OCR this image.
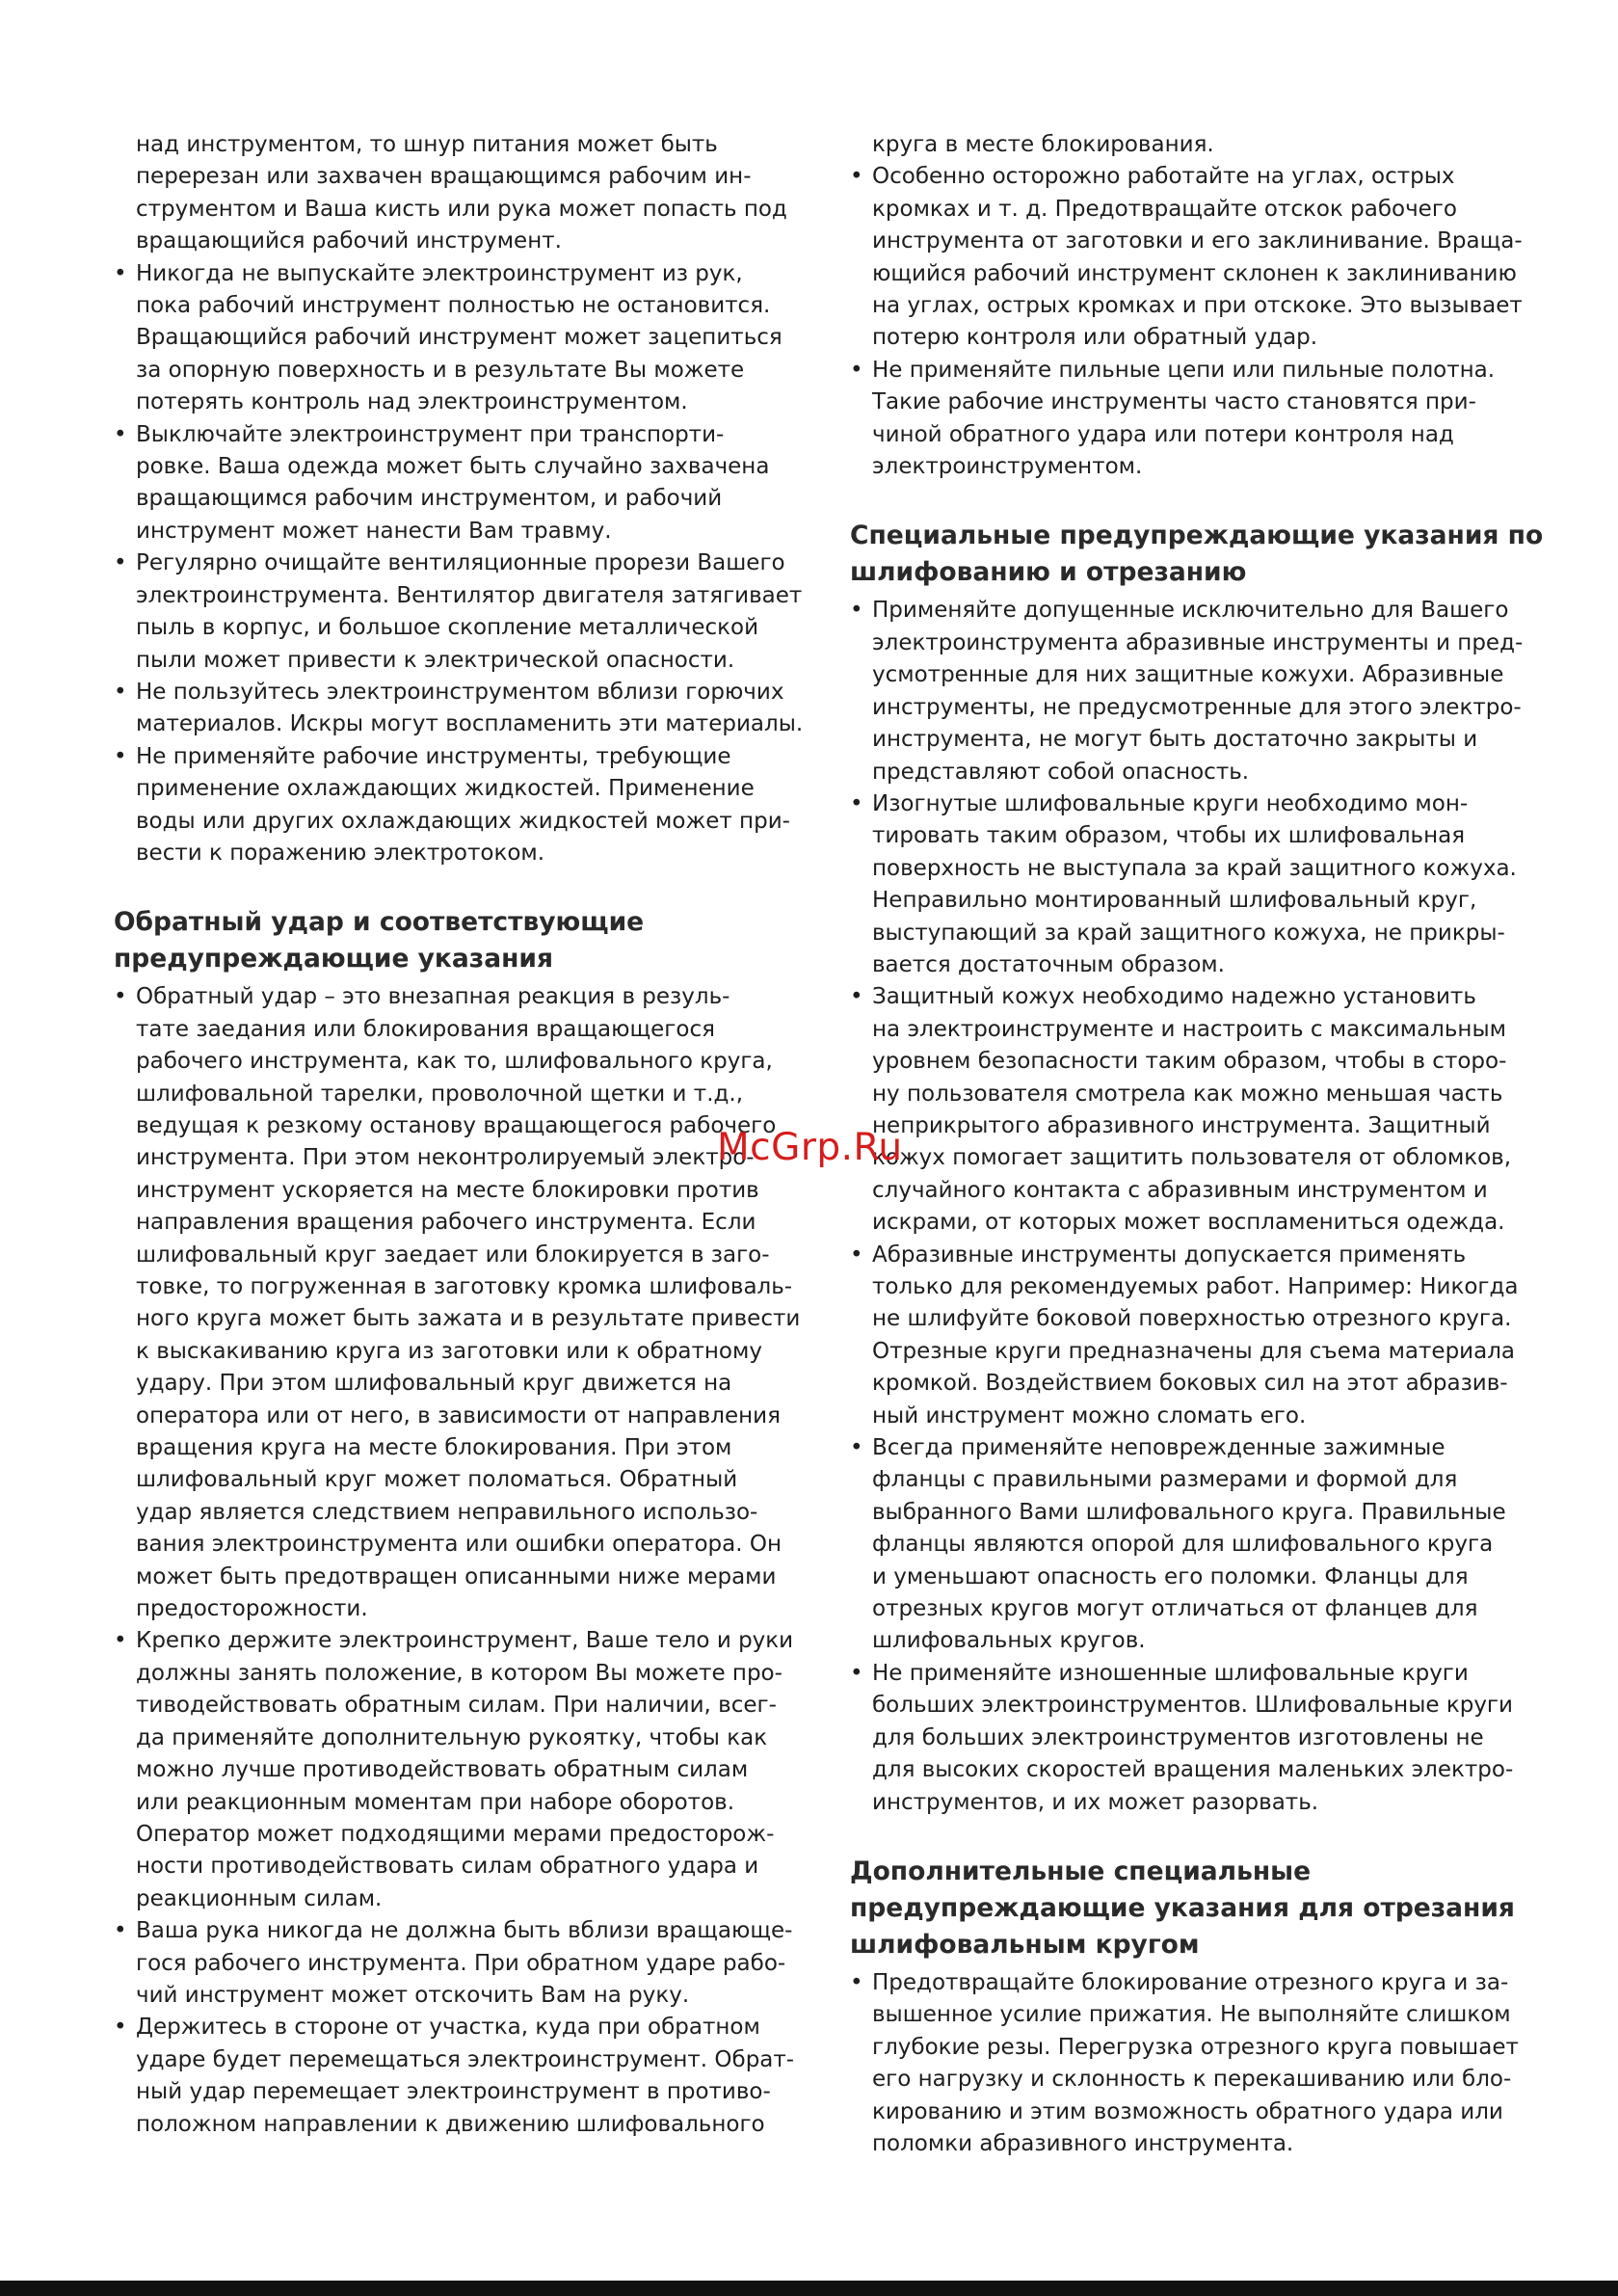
над инструментом, то шнур питания может быть

перерезан или захвачен вращающимся рабочим ин-

струментом и Ваша кисть или рука может попасть под

вращающийся рабочий инструмент.

• Никогда не выпускайте электроинструмент из рук,

пока рабочий инструмент полностью не остановится.

Вращающийся рабочий инструмент может зацепиться

за опорную поверхность и в результате Вы можете

потерять контроль над электроинструментом.

• Выключайте электроинструмент при транспорти-

ровке. Ваша одежда может быть случайно захвачена

вращающимся рабочим инструментом, и рабочий

инструмент может нанести Вам травму.

• Регулярно очищайте вентиляционные прорези Вашего

электроинструмента. Вентилятор двигателя затягивает

пыль в корпус, и большое скопление металлической

пыли может привести к электрической опасности.

• Не пользуйтесь электроинструментом вблизи горючих

материалов. Искры могут воспламенить эти материалы.

• Не применяйте рабочие инструменты, требующие

применение охлаждающих жидкостей. Применение

воды или других охлаждающих жидкостей может при-

вести к поражению электротоком.

Обратный удар и соответствующие
предупреждающие указания
• Обратный удар – это внезапная реакция в резуль-

тате заедания или блокирования вращающегося

рабочего инструмента, как то, шлифовального круга,

шлифовальной тарелки, проволочной щетки и т.д.,

ведущая к резкому останову вращающегося рабочего

инструмента. При этом неконтролируемый электро-

инструмент ускоряется на месте блокировки против

направления вращения рабочего инструмента. Если

шлифовальный круг заедает или блокируется в заго-

товке, то погруженная в заготовку кромка шлифоваль-

ного круга может быть зажата и в результате привести

к выскакиванию круга из заготовки или к обратному

удару. При этом шлифовальный круг движется на

оператора или от него, в зависимости от направления

вращения круга на месте блокирования. При этом

шлифовальный круг может поломаться. Обратный

удар является следствием неправильного использо-

вания электроинструмента или ошибки оператора. Он

может быть предотвращен описанными ниже мерами

предосторожности.

• Крепко держите электроинструмент, Ваше тело и руки

должны занять положение, в котором Вы можете про-

тиводействовать обратным силам. При наличии, всег-

да применяйте дополнительную рукоятку, чтобы как

можно лучше противодействовать обратным силам

или реакционным моментам при наборе оборотов.

Оператор может подходящими мерами предосторож-

ности противодействовать силам обратного удара и

реакционным силам.

• Ваша рука никогда не должна быть вблизи вращающе-

гося рабочего инструмента. При обратном ударе рабо-

чий инструмент может отскочить Вам на руку.

• Держитесь в стороне от участка, куда при обратном

ударе будет перемещаться электроинструмент. Обрат-

ный удар перемещает электроинструмент в противо-

положном направлении к движению шлифовального

круга в месте блокирования.

• Особенно осторожно работайте на углах, острых

кромках и т. д. Предотвращайте отскок рабочего

инструмента от заготовки и его заклинивание. Враща-

ющийся рабочий инструмент склонен к заклиниванию

на углах, острых кромках и при отскоке. Это вызывает

потерю контроля или обратный удар.

• Не применяйте пильные цепи или пильные полотна.

Такие рабочие инструменты часто становятся при-

чиной обратного удара или потери контроля над

электроинструментом.

Специальные предупреждающие указания по
шлифованию и отрезанию
• Применяйте допущенные исключительно для Вашего

электроинструмента абразивные инструменты и пред-

усмотренные для них защитные кожухи. Абразивные

инструменты, не предусмотренные для этого электро-

инструмента, не могут быть достаточно закрыты и

представляют собой опасность.

• Изогнутые шлифовальные круги необходимо мон-

тировать таким образом, чтобы их шлифовальная

поверхность не выступала за край защитного кожуха.

Неправильно монтированный шлифовальный круг,

выступающий за край защитного кожуха, не прикры-

вается достаточным образом.

• Защитный кожух необходимо надежно установить

на электроинструменте и настроить с максимальным

уровнем безопасности таким образом, чтобы в сторо-

ну пользователя смотрела как можно меньшая часть

неприкрытого абразивного инструмента. Защитный

кожух помогает защитить пользователя от обломков,

случайного контакта с абразивным инструментом и

искрами, от которых может воспламениться одежда.

• Абразивные инструменты допускается применять

только для рекомендуемых работ. Например: Никогда

не шлифуйте боковой поверхностью отрезного круга.

Отрезные круги предназначены для съема материала

кромкой. Воздействием боковых сил на этот абразив-

ный инструмент можно сломать его.

• Всегда применяйте неповрежденные зажимные

фланцы с правильными размерами и формой для

выбранного Вами шлифовального круга. Правильные

фланцы являются опорой для шлифовального круга

и уменьшают опасность его поломки. Фланцы для

отрезных кругов могут отличаться от фланцев для

шлифовальных кругов.

• Не применяйте изношенные шлифовальные круги

больших электроинструментов. Шлифовальные круги

для больших электроинструментов изготовлены не

для высоких скоростей вращения маленьких электро-

инструментов, и их может разорвать.

Дополнительные специальные
предупреждающие указания для отрезания
шлифовальным кругом
• Предотвращайте блокирование отрезного круга и за-

вышенное усилие прижатия. Не выполняйте слишком

глубокие резы. Перегрузка отрезного круга повышает

его нагрузку и склонность к перекашиванию или бло-

кированию и этим возможность обратного удара или

поломки абразивного инструмента.

McGrp.Ru
